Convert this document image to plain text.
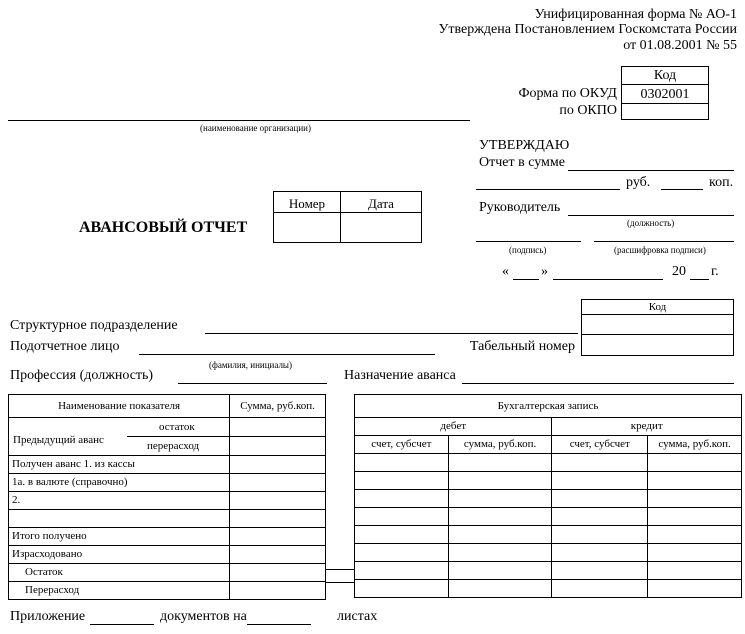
Унифицированная форма № АО-1
Утверждена Постановлением Госкомстата России
от 01.08.2001 № 55
Код
0302001
Форма по ОКУД
по ОКПО
(наименование организации)
УТВЕРЖДАЮ
Отчет в сумме
руб.	коп.
Руководитель
(должность)
(подпись)	(расшифровка подписи)
« »	20 г.
Номер	Дата
АВАНСОВЫЙ ОТЧЕТ
Код
Структурное подразделение
Подотчетное лицо	Табельный номер
(фамилия, инициалы)
Профессия (должность)	Назначение аванса
Наименование показателя	Сумма, руб.коп.

Предыдущий аванс
остаток
перерасход	

Получен аванс 1. из кассы	
1а. в валюте (справочно)	
2.	

Итого получено	
Израсходовано	
Остаток	
Перерасход	
Бухгалтерская запись			
дебет		кредит	
счет, субсчет	сумма, руб.коп.	счет, субсчет	сумма, руб.коп.

Приложение	документов на	листах
